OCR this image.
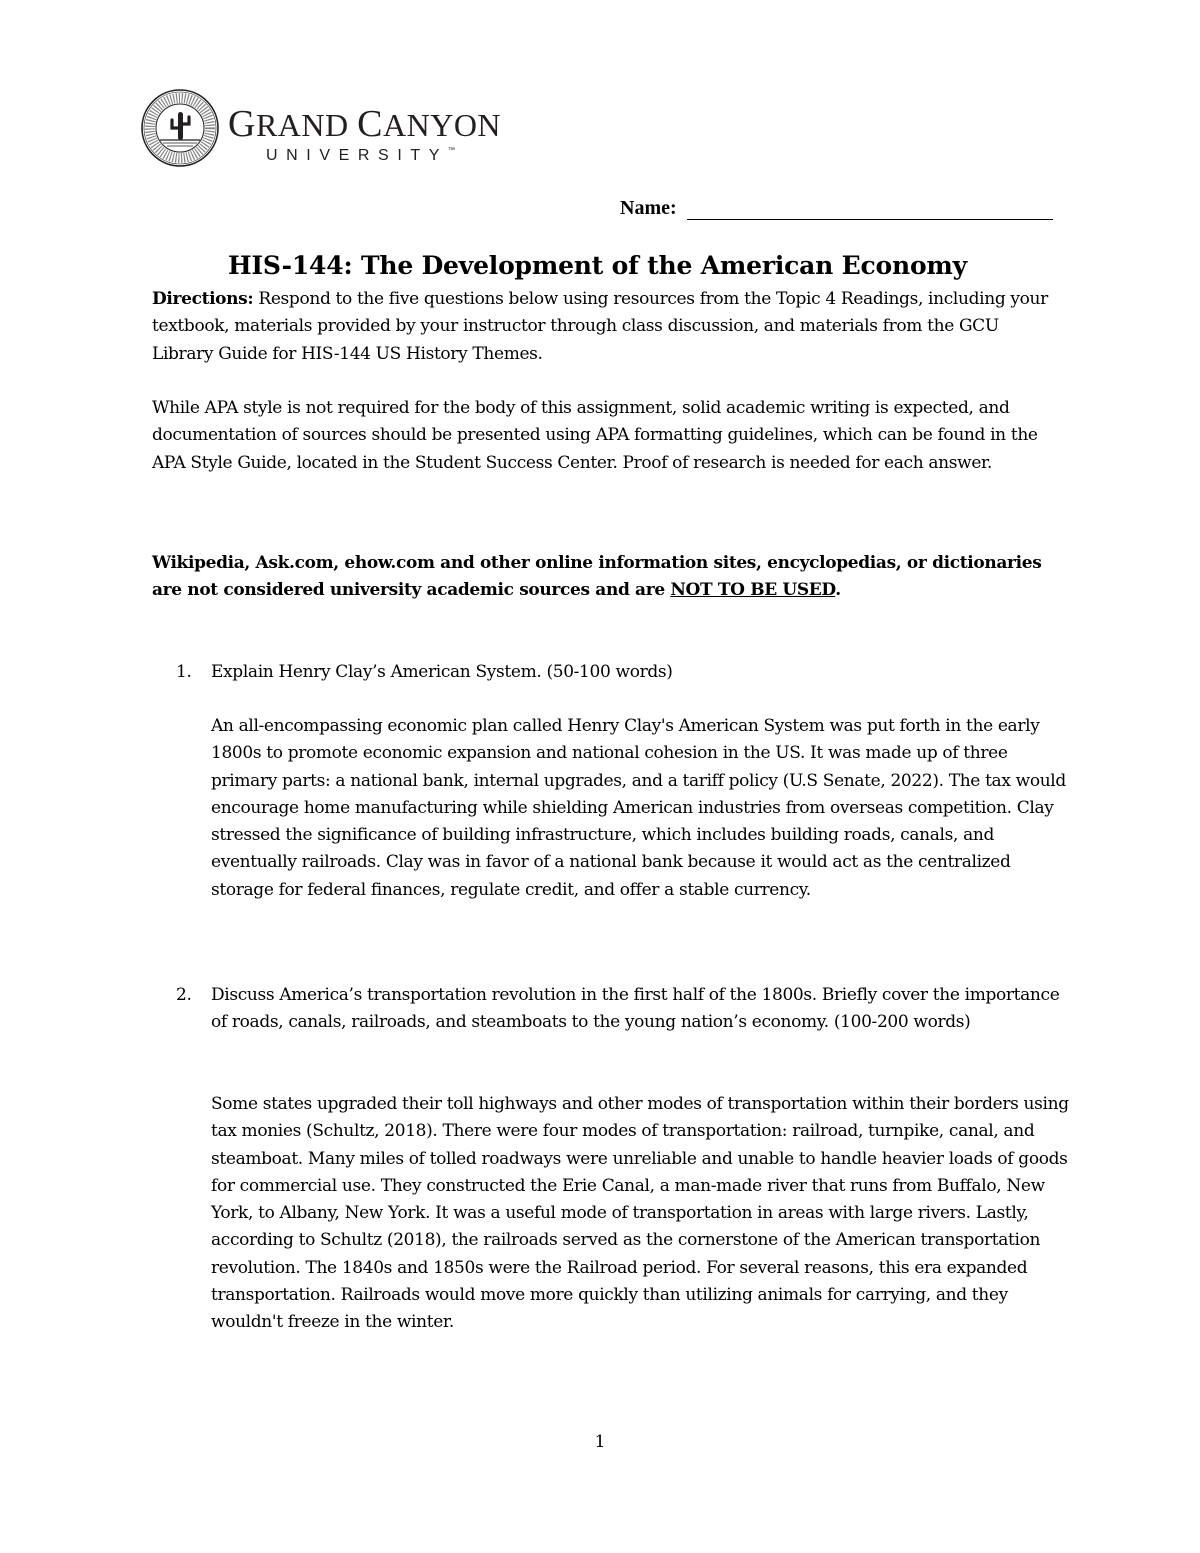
GRAND CANYON
UNIVERSITY™
Name:
HIS-144: The Development of the American Economy

Directions: Respond to the five questions below using resources from the Topic 4 Readings, including your textbook, materials provided by your instructor through class discussion, and materials from the GCU Library Guide for HIS-144 US History Themes.

While APA style is not required for the body of this assignment, solid academic writing is expected, and documentation of sources should be presented using APA formatting guidelines, which can be found in the APA Style Guide, located in the Student Success Center. Proof of research is needed for each answer.

Wikipedia, Ask.com, ehow.com and other online information sites, encyclopedias, or dictionaries are not considered university academic sources and are NOT TO BE USED.

1. Explain Henry Clay’s American System. (50-100 words)
An all-encompassing economic plan called Henry Clay's American System was put forth in the early 1800s to promote economic expansion and national cohesion in the US. It was made up of three primary parts: a national bank, internal upgrades, and a tariff policy (U.S Senate, 2022). The tax would encourage home manufacturing while shielding American industries from overseas competition. Clay stressed the significance of building infrastructure, which includes building roads, canals, and eventually railroads. Clay was in favor of a national bank because it would act as the centralized storage for federal finances, regulate credit, and offer a stable currency.
2. Discuss America’s transportation revolution in the first half of the 1800s. Briefly cover the importance of roads, canals, railroads, and steamboats to the young nation’s economy. (100-200 words)
Some states upgraded their toll highways and other modes of transportation within their borders using tax monies (Schultz, 2018). There were four modes of transportation: railroad, turnpike, canal, and steamboat. Many miles of tolled roadways were unreliable and unable to handle heavier loads of goods for commercial use. They constructed the Erie Canal, a man-made river that runs from Buffalo, New York, to Albany, New York. It was a useful mode of transportation in areas with large rivers. Lastly, according to Schultz (2018), the railroads served as the cornerstone of the American transportation revolution. The 1840s and 1850s were the Railroad period. For several reasons, this era expanded transportation. Railroads would move more quickly than utilizing animals for carrying, and they wouldn't freeze in the winter.
1
